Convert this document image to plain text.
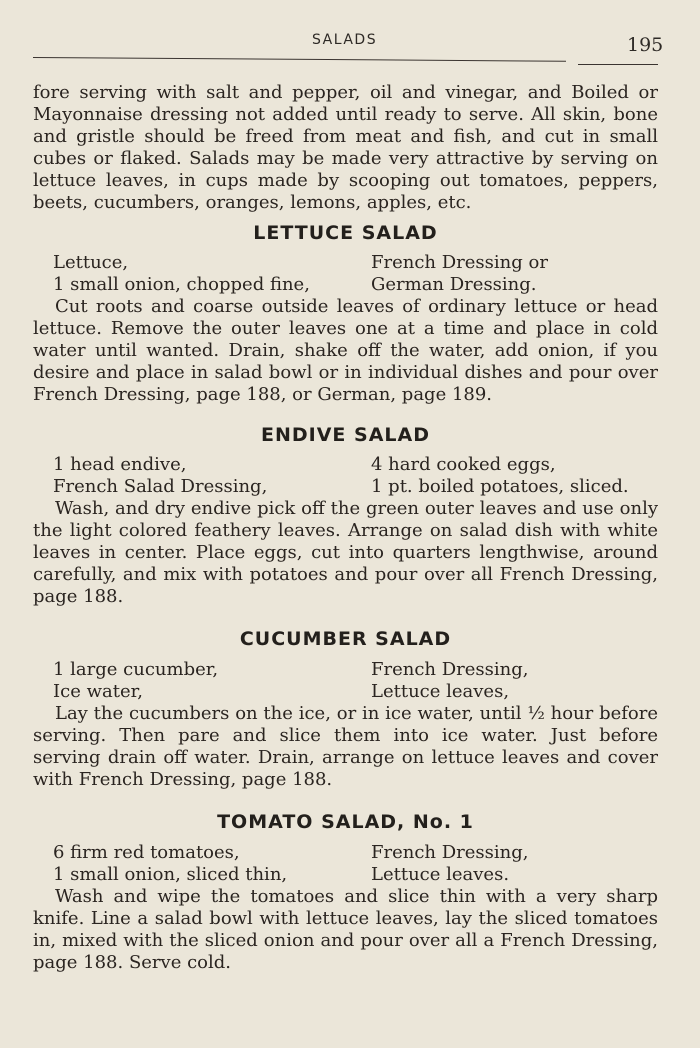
SALADS	195

fore serving with salt and pepper, oil and vinegar, and Boiled or Mayonnaise dressing not added until ready to serve. All skin, bone and gristle should be freed from meat and fish, and cut in small cubes or flaked. Salads may be made very attractive by serving on lettuce leaves, in cups made by scooping out tomatoes, peppers, beets, cucumbers, oranges, lemons, apples, etc.

LETTUCE SALAD
Lettuce,	French Dressing or
1 small onion, chopped fine,	German Dressing.

Cut roots and coarse outside leaves of ordinary lettuce or head lettuce. Remove the outer leaves one at a time and place in cold water until wanted. Drain, shake off the water, add onion, if you desire and place in salad bowl or in individual dishes and pour over French Dressing, page 188, or German, page 189.

ENDIVE SALAD
1 head endive,	4 hard cooked eggs,
French Salad Dressing,	1 pt. boiled potatoes, sliced.

Wash, and dry endive pick off the green outer leaves and use only the light colored feathery leaves. Arrange on salad dish with white leaves in center. Place eggs, cut into quarters lengthwise, around carefully, and mix with potatoes and pour over all French Dressing, page 188.

CUCUMBER SALAD
1 large cucumber,	French Dressing,
Ice water,	Lettuce leaves,

Lay the cucumbers on the ice, or in ice water, until ½ hour before serving. Then pare and slice them into ice water. Just before serving drain off water. Drain, arrange on lettuce leaves and cover with French Dressing, page 188.

TOMATO SALAD, No. 1
6 firm red tomatoes,	French Dressing,
1 small onion, sliced thin,	Lettuce leaves.

Wash and wipe the tomatoes and slice thin with a very sharp knife. Line a salad bowl with lettuce leaves, lay the sliced tomatoes in, mixed with the sliced onion and pour over all a French Dressing, page 188. Serve cold.
